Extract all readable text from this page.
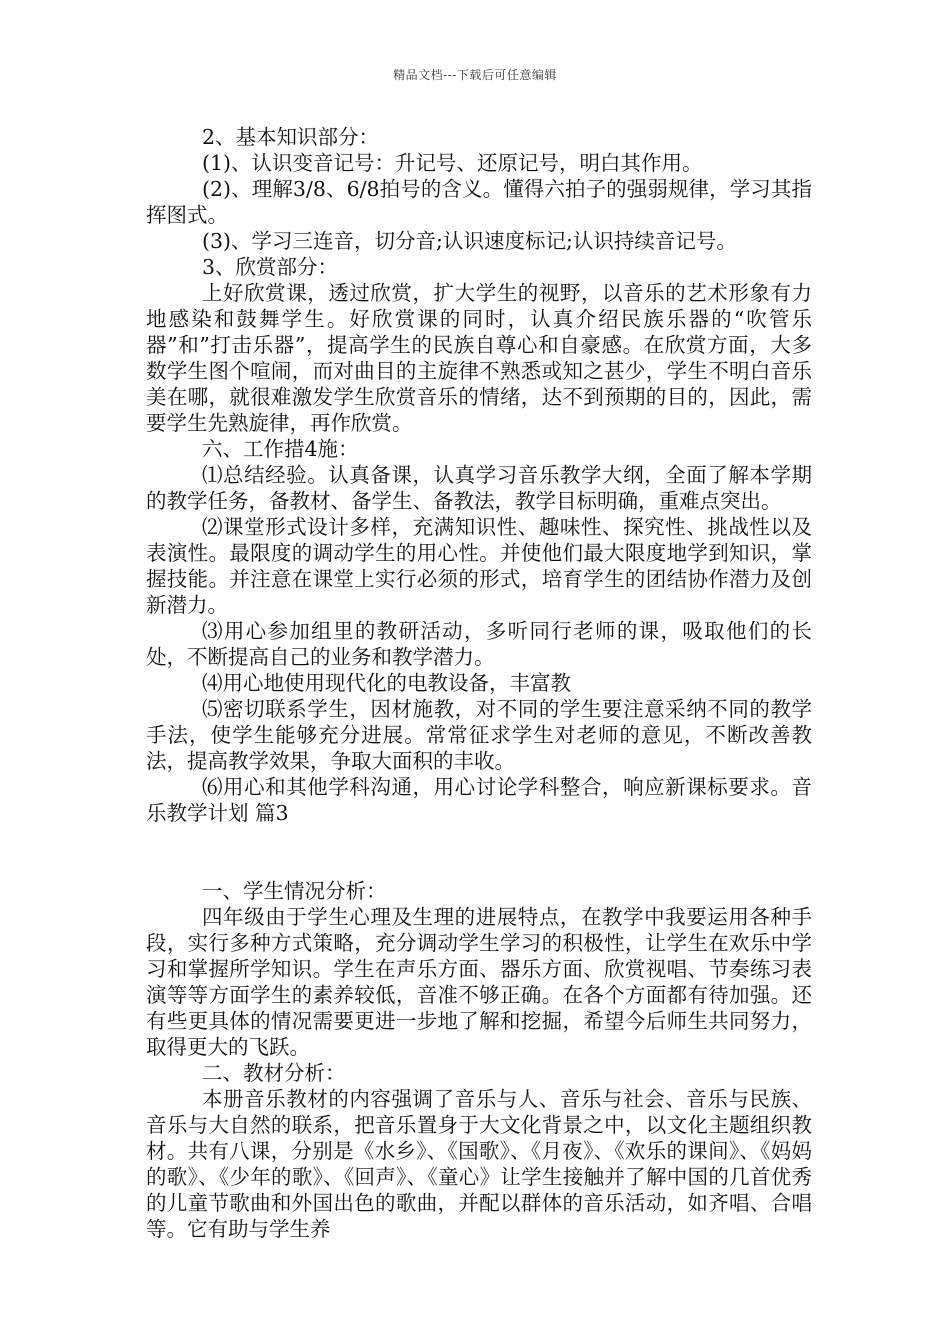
精品文档---下载后可任意编辑

2、基本知识部分：

(1)、认识变音记号：升记号、还原记号，明白其作用。

(2)、理解3/8、6/8拍号的含义。懂得六拍子的强弱规律，学习其指挥图式。

(3)、学习三连音，切分音;认识速度标记;认识持续音记号。

3、欣赏部分：

上好欣赏课，透过欣赏，扩大学生的视野，以音乐的艺术形象有力地感染和鼓舞学生。好欣赏课的同时，认真介绍民族乐器的“吹管乐器”和”打击乐器”，提高学生的民族自尊心和自豪感。在欣赏方面，大多数学生图个喧闹，而对曲目的主旋律不熟悉或知之甚少，学生不明白音乐美在哪，就很难激发学生欣赏音乐的情绪，达不到预期的目的，因此，需要学生先熟旋律，再作欣赏。

六、工作措4施：

⑴总结经验。认真备课，认真学习音乐教学大纲，全面了解本学期的教学任务，备教材、备学生、备教法，教学目标明确，重难点突出。

⑵课堂形式设计多样，充满知识性、趣味性、探究性、挑战性以及表演性。最限度的调动学生的用心性。并使他们最大限度地学到知识，掌握技能。并注意在课堂上实行必须的形式，培育学生的团结协作潜力及创新潜力。

⑶用心参加组里的教研活动，多听同行老师的课，吸取他们的长处，不断提高自己的业务和教学潜力。

⑷用心地使用现代化的电教设备，丰富教

⑸密切联系学生，因材施教，对不同的学生要注意采纳不同的教学手法，使学生能够充分进展。常常征求学生对老师的意见，不断改善教法，提高教学效果，争取大面积的丰收。

⑹用心和其他学科沟通，用心讨论学科整合，响应新课标要求。音乐教学计划 篇3

一、学生情况分析：

四年级由于学生心理及生理的进展特点，在教学中我要运用各种手段，实行多种方式策略，充分调动学生学习的积极性，让学生在欢乐中学习和掌握所学知识。学生在声乐方面、器乐方面、欣赏视唱、节奏练习表演等等方面学生的素养较低，音准不够正确。在各个方面都有待加强。还有些更具体的情况需要更进一步地了解和挖掘，希望今后师生共同努力，取得更大的飞跃。

二、教材分析：

本册音乐教材的内容强调了音乐与人、音乐与社会、音乐与民族、音乐与大自然的联系，把音乐置身于大文化背景之中，以文化主题组织教材。共有八课，分别是《水乡》、《国歌》、《月夜》、《欢乐的课间》、《妈妈的歌》、《少年的歌》、《回声》、《童心》让学生接触并了解中国的几首优秀的儿童节歌曲和外国出色的歌曲，并配以群体的音乐活动，如齐唱、合唱等。它有助与学生养
